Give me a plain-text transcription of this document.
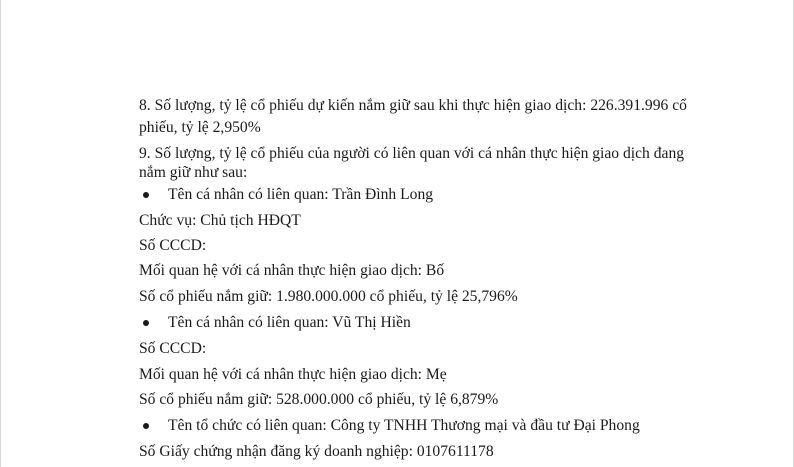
8. Số lượng, tỷ lệ cổ phiếu dự kiến nắm giữ sau khi thực hiện giao dịch: 226.391.996 cổ
phiếu, tỷ lệ 2,950%
9. Số lượng, tỷ lệ cổ phiếu của người có liên quan với cá nhân thực hiện giao dịch đang
nắm giữ như sau:
Tên cá nhân có liên quan: Trần Đình Long
Chức vụ: Chủ tịch HĐQT
Số CCCD:
Mối quan hệ với cá nhân thực hiện giao dịch: Bố
Số cổ phiếu nắm giữ: 1.980.000.000 cổ phiếu, tỷ lệ 25,796%
Tên cá nhân có liên quan: Vũ Thị Hiền
Số CCCD:
Mối quan hệ với cá nhân thực hiện giao dịch: Mẹ
Số cổ phiếu nắm giữ: 528.000.000 cổ phiếu, tỷ lệ 6,879%
Tên tổ chức có liên quan: Công ty TNHH Thương mại và đầu tư Đại Phong
Số Giấy chứng nhận đăng ký doanh nghiệp: 0107611178
